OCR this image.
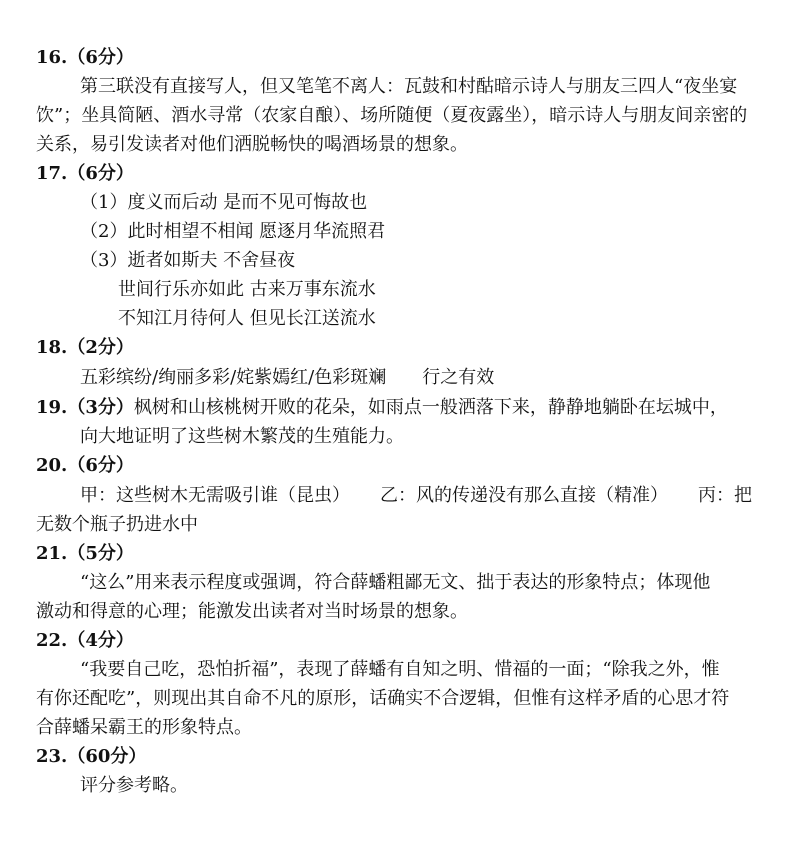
16.（6分）
第三联没有直接写人，但又笔笔不离人：瓦鼓和村酤暗示诗人与朋友三四人“夜坐宴
饮”；坐具简陋、酒水寻常（农家自酿）、场所随便（夏夜露坐），暗示诗人与朋友间亲密的
关系，易引发读者对他们洒脱畅快的喝酒场景的想象。
17.（6分）
（1）度义而后动 是而不见可悔故也
（2）此时相望不相闻 愿逐月华流照君
（3）逝者如斯夫 不舍昼夜
世间行乐亦如此 古来万事东流水
不知江月待何人 但见长江送流水
18.（2分）
五彩缤纷/绚丽多彩/姹紫嫣红/色彩斑斓 行之有效
19.（3分）枫树和山核桃树开败的花朵，如雨点一般洒落下来，静静地躺卧在坛城中，
向大地证明了这些树木繁茂的生殖能力。
20.（6分）
甲：这些树木无需吸引谁（昆虫） 乙：风的传递没有那么直接（精准） 丙：把
无数个瓶子扔进水中
21.（5分）
“这么”用来表示程度或强调，符合薛蟠粗鄙无文、拙于表达的形象特点；体现他
激动和得意的心理；能激发出读者对当时场景的想象。
22.（4分）
“我要自己吃，恐怕折福”，表现了薛蟠有自知之明、惜福的一面；“除我之外，惟
有你还配吃”，则现出其自命不凡的原形，话确实不合逻辑，但惟有这样矛盾的心思才符
合薛蟠呆霸王的形象特点。
23.（60分）
评分参考略。
